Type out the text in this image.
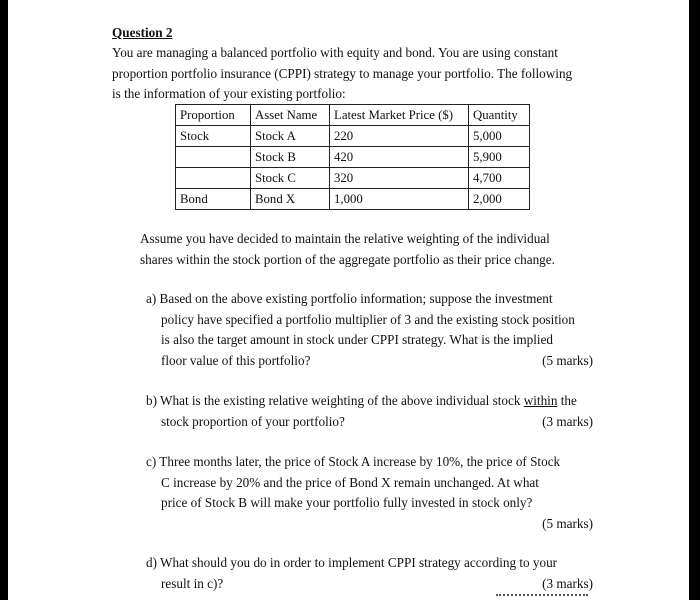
Question 2
You are managing a balanced portfolio with equity and bond. You are using constant
proportion portfolio insurance (CPPI) strategy to manage your portfolio. The following
is the information of your existing portfolio:
Proportion	Asset Name	Latest Market Price ($)	Quantity
Stock	Stock A	220	5,000
	Stock B	420	5,900
	Stock C	320	4,700
Bond	Bond X	1,000	2,000
Assume you have decided to maintain the relative weighting of the individual
shares within the stock portion of the aggregate portfolio as their price change.
a) Based on the above existing portfolio information; suppose the investment
policy have specified a portfolio multiplier of 3 and the existing stock position
is also the target amount in stock under CPPI strategy. What is the implied
floor value of this portfolio?	(5 marks)
b) What is the existing relative weighting of the above individual stock within the
stock proportion of your portfolio?	(3 marks)
c) Three months later, the price of Stock A increase by 10%, the price of Stock
C increase by 20% and the price of Bond X remain unchanged. At what
price of Stock B will make your portfolio fully invested in stock only?
(5 marks)
d) What should you do in order to implement CPPI strategy according to your
result in c)?	(3 marks)
